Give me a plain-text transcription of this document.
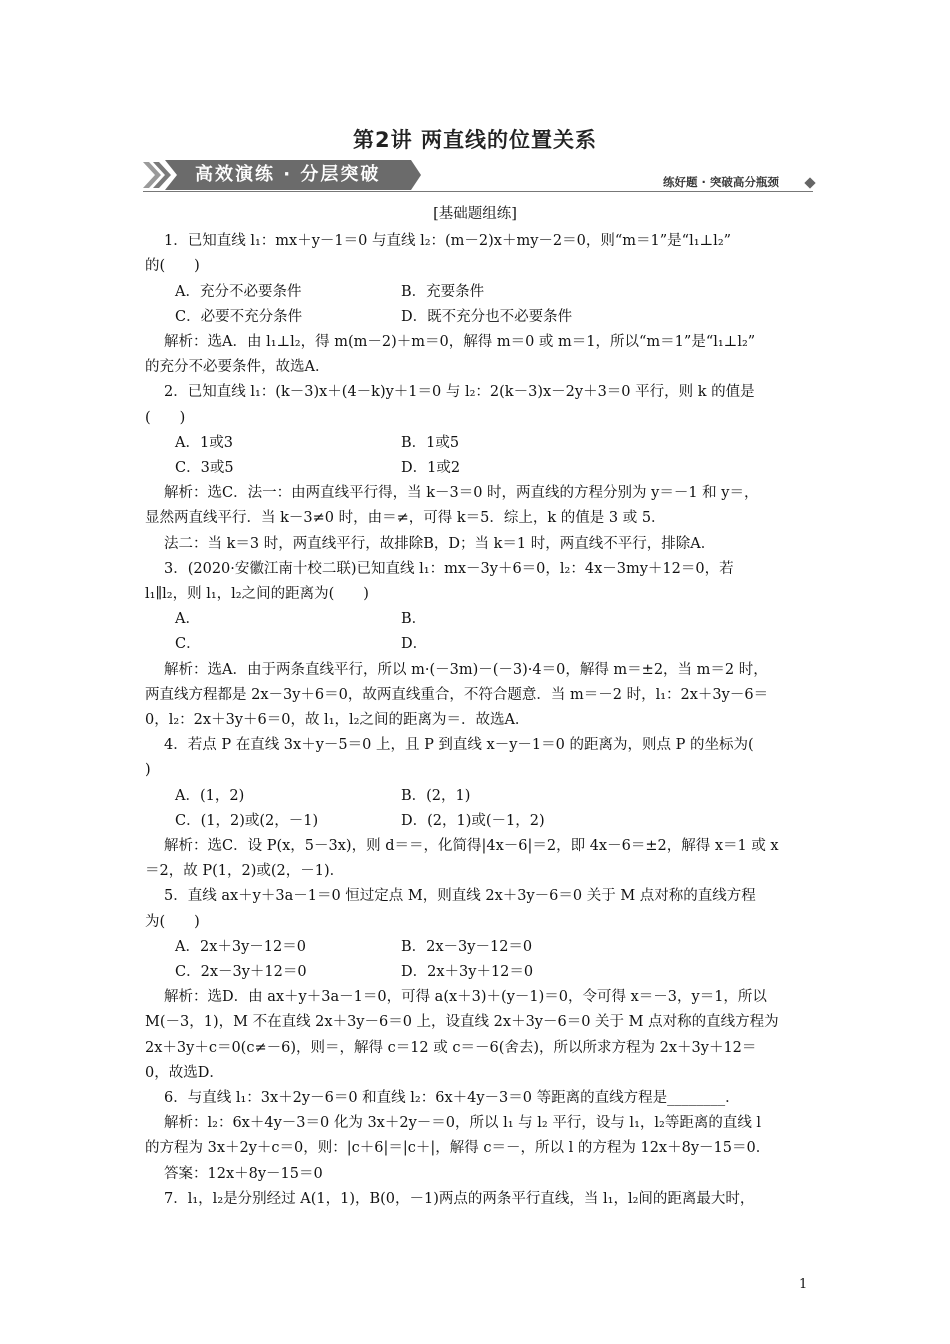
第2讲 两直线的位置关系
高效演练 · 分层突破	练好题 · 突破高分瓶颈
[基础题组练]
1．已知直线 l₁：mx＋y－1＝0 与直线 l₂：(m－2)x＋my－2＝0，则“m＝1”是“l₁⊥l₂”
的(　　)
A．充分不必要条件	B．充要条件
C．必要不充分条件	D．既不充分也不必要条件
解析：选A．由 l₁⊥l₂，得 m(m－2)＋m＝0，解得 m＝0 或 m＝1，所以“m＝1”是“l₁⊥l₂”
的充分不必要条件，故选A．
2．已知直线 l₁：(k－3)x＋(4－k)y＋1＝0 与 l₂：2(k－3)x－2y＋3＝0 平行，则 k 的值是
(　　)
A．1或3	B．1或5
C．3或5	D．1或2
解析：选C．法一：由两直线平行得，当 k－3＝0 时，两直线的方程分别为 y＝－1 和 y＝，
显然两直线平行．当 k－3≠0 时，由＝≠，可得 k＝5．综上，k 的值是 3 或 5．
法二：当 k＝3 时，两直线平行，故排除B，D；当 k＝1 时，两直线不平行，排除A．
3．(2020·安徽江南十校二联)已知直线 l₁：mx－3y＋6＝0，l₂：4x－3my＋12＝0，若
l₁∥l₂，则 l₁，l₂之间的距离为(　　)
A．	B．
C．	D．
解析：选A．由于两条直线平行，所以 m·(－3m)－(－3)·4＝0，解得 m＝±2，当 m＝2 时，
两直线方程都是 2x－3y＋6＝0，故两直线重合，不符合题意．当 m＝－2 时，l₁：2x＋3y－6＝
0，l₂：2x＋3y＋6＝0，故 l₁，l₂之间的距离为＝．故选A．
4．若点 P 在直线 3x＋y－5＝0 上，且 P 到直线 x－y－1＝0 的距离为，则点 P 的坐标为(
)
A．(1，2)	B．(2，1)
C．(1，2)或(2，－1)	D．(2，1)或(－1，2)
解析：选C．设 P(x，5－3x)，则 d＝＝，化简得|4x－6|＝2，即 4x－6＝±2，解得 x＝1 或 x
＝2，故 P(1，2)或(2，－1)．
5．直线 ax＋y＋3a－1＝0 恒过定点 M，则直线 2x＋3y－6＝0 关于 M 点对称的直线方程
为(　　)
A．2x＋3y－12＝0	B．2x－3y－12＝0
C．2x－3y＋12＝0	D．2x＋3y＋12＝0
解析：选D．由 ax＋y＋3a－1＝0，可得 a(x＋3)＋(y－1)＝0，令可得 x＝－3，y＝1，所以
M(－3，1)，M 不在直线 2x＋3y－6＝0 上，设直线 2x＋3y－6＝0 关于 M 点对称的直线方程为
2x＋3y＋c＝0(c≠－6)，则＝，解得 c＝12 或 c＝－6(舍去)，所以所求方程为 2x＋3y＋12＝
0，故选D．
6．与直线 l₁：3x＋2y－6＝0 和直线 l₂：6x＋4y－3＝0 等距离的直线方程是________．
解析：l₂：6x＋4y－3＝0 化为 3x＋2y－＝0，所以 l₁ 与 l₂ 平行，设与 l₁，l₂等距离的直线 l
的方程为 3x＋2y＋c＝0，则：|c＋6|＝|c＋|，解得 c＝－，所以 l 的方程为 12x＋8y－15＝0．
答案：12x＋8y－15＝0
7．l₁，l₂是分别经过 A(1，1)，B(0，－1)两点的两条平行直线，当 l₁，l₂间的距离最大时，
1
